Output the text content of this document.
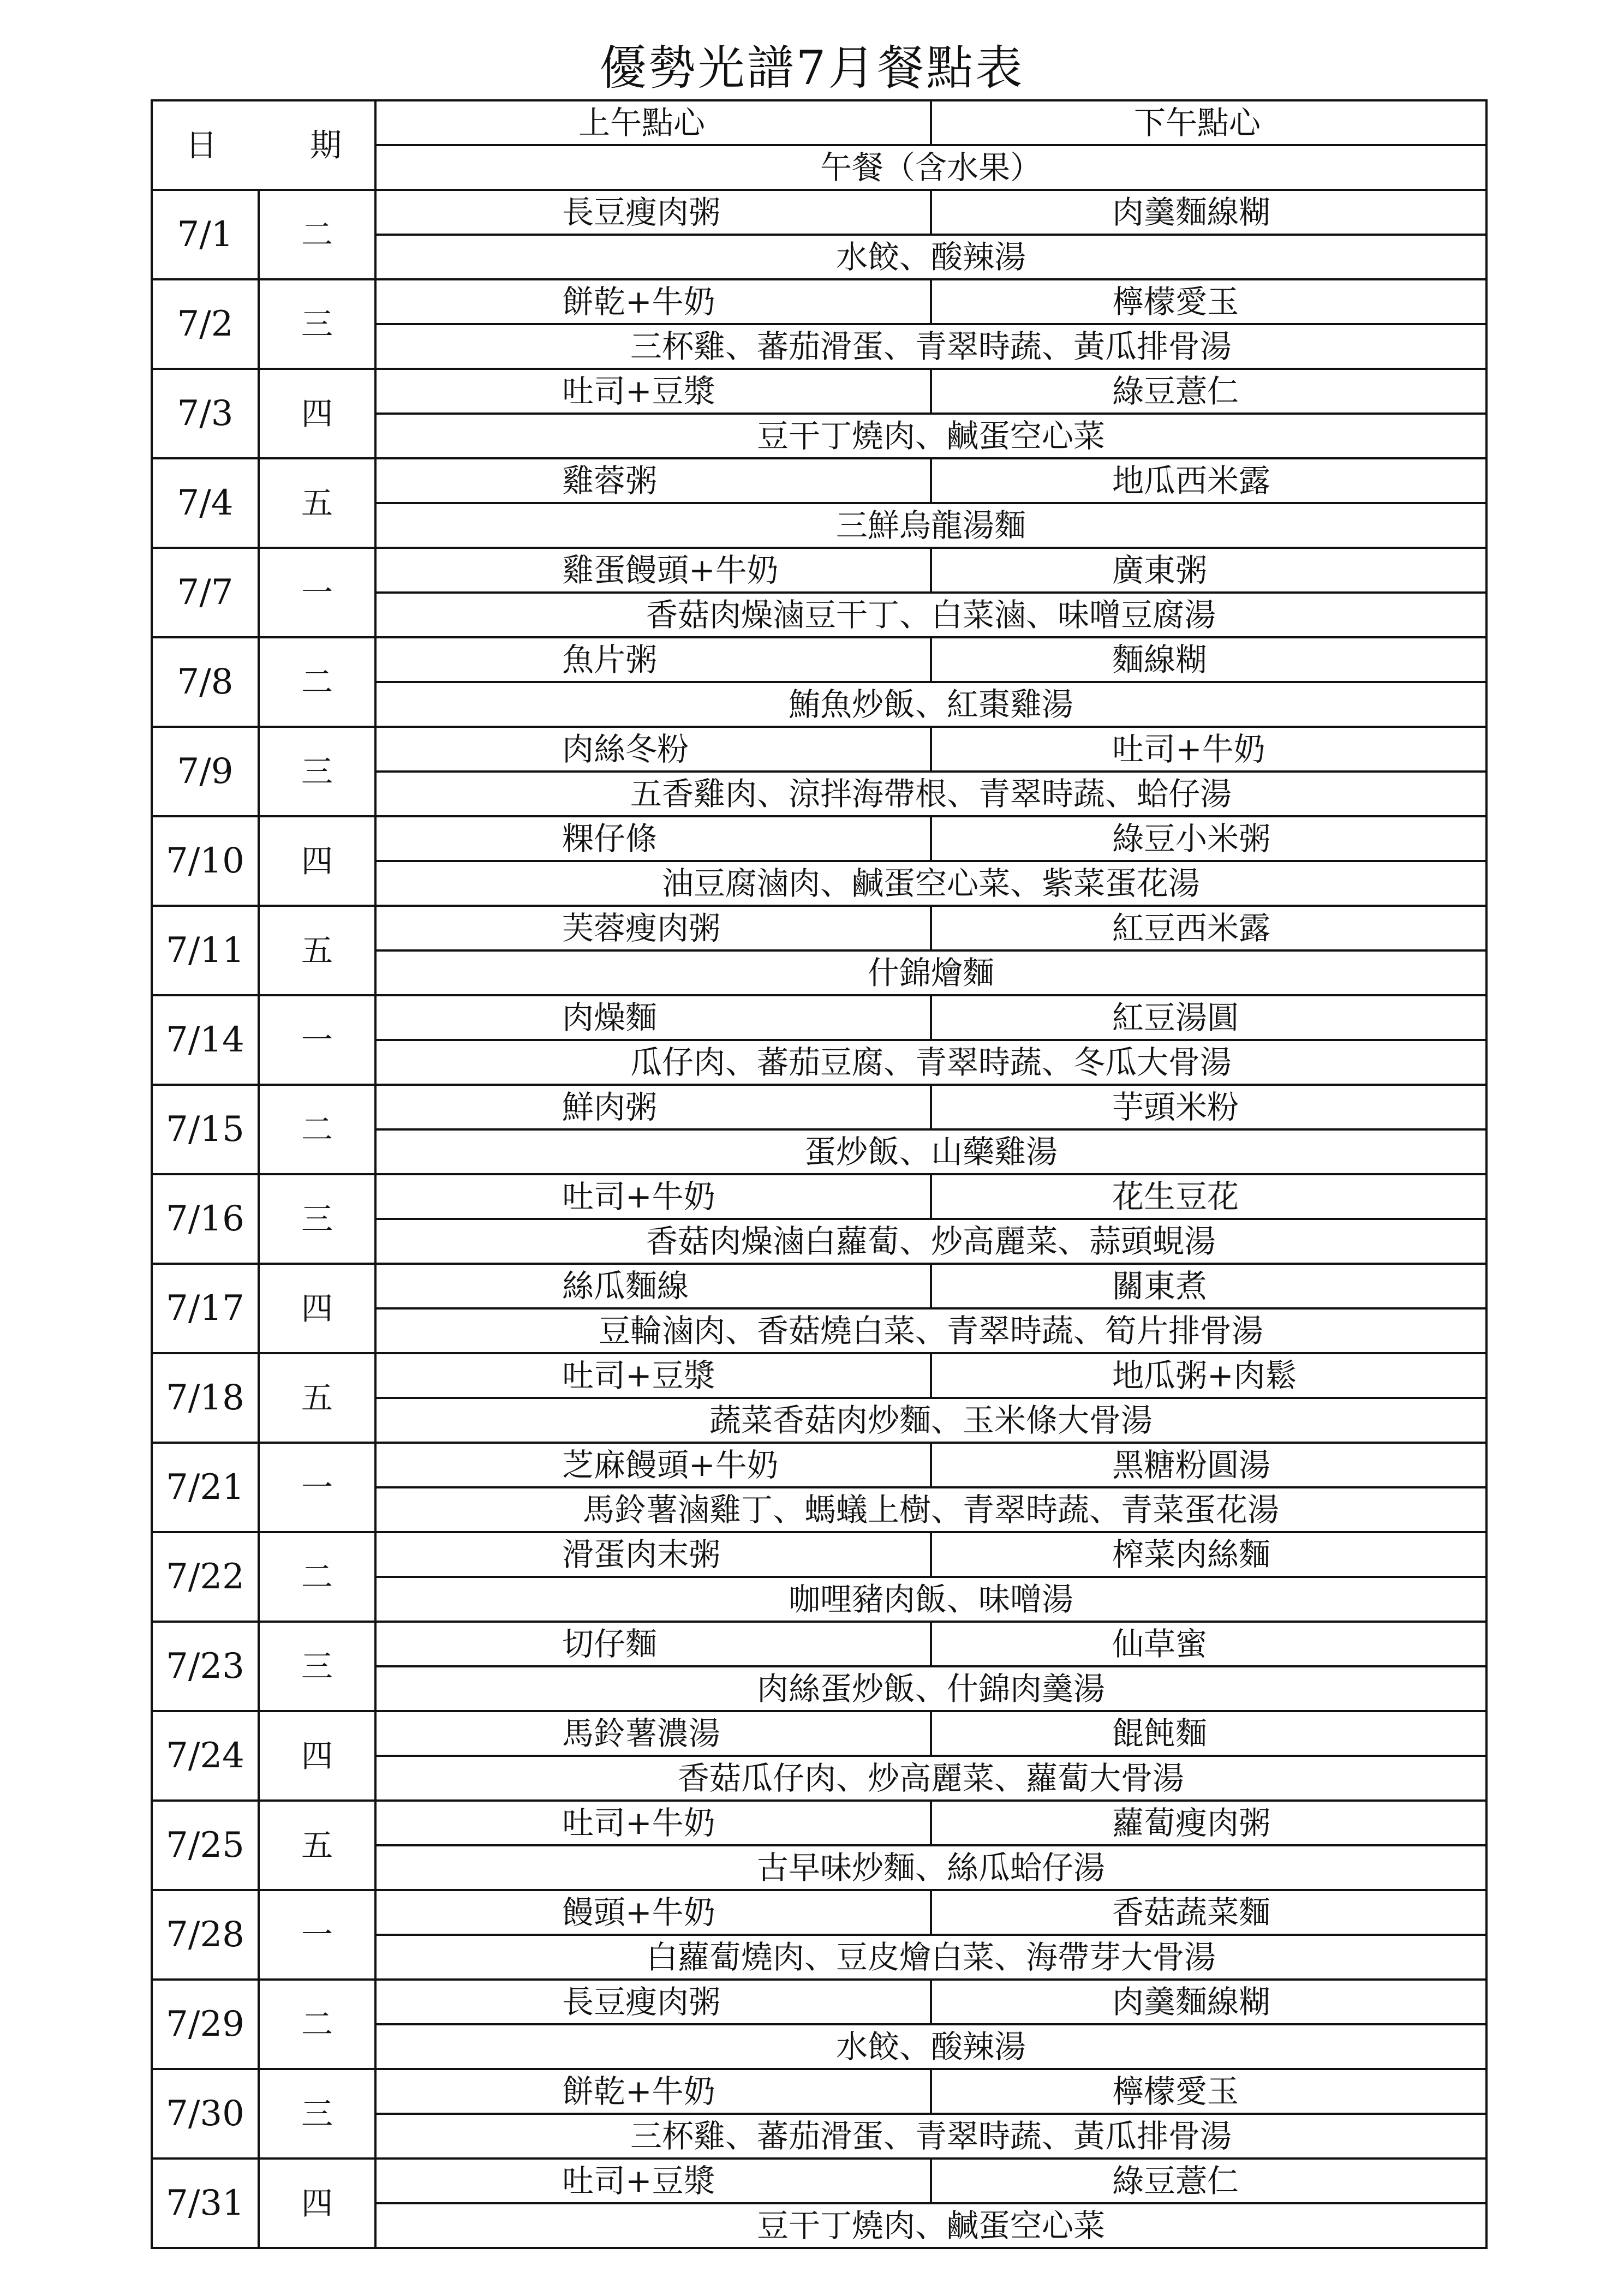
優勢光譜7月餐點表
日 期		上午點心	下午點心
		午餐（含水果）	
7/1	二	長豆瘦肉粥	肉羹麵線糊
		水餃、酸辣湯	
7/2	三	餅乾+牛奶	檸檬愛玉
		三杯雞、蕃茄滑蛋、青翠時蔬、黃瓜排骨湯	
7/3	四	吐司+豆漿	綠豆薏仁
		豆干丁燒肉、鹹蛋空心菜	
7/4	五	雞蓉粥	地瓜西米露
		三鮮烏龍湯麵	
7/7	一	雞蛋饅頭+牛奶	廣東粥
		香菇肉燥滷豆干丁、白菜滷、味噌豆腐湯	
7/8	二	魚片粥	麵線糊
		鮪魚炒飯、紅棗雞湯	
7/9	三	肉絲冬粉	吐司+牛奶
		五香雞肉、涼拌海帶根、青翠時蔬、蛤仔湯	
7/10	四	粿仔條	綠豆小米粥
		油豆腐滷肉、鹹蛋空心菜、紫菜蛋花湯	
7/11	五	芙蓉瘦肉粥	紅豆西米露
		什錦燴麵	
7/14	一	肉燥麵	紅豆湯圓
		瓜仔肉、蕃茄豆腐、青翠時蔬、冬瓜大骨湯	
7/15	二	鮮肉粥	芋頭米粉
		蛋炒飯、山藥雞湯	
7/16	三	吐司+牛奶	花生豆花
		香菇肉燥滷白蘿蔔、炒高麗菜、蒜頭蜆湯	
7/17	四	絲瓜麵線	關東煮
		豆輪滷肉、香菇燒白菜、青翠時蔬、筍片排骨湯	
7/18	五	吐司+豆漿	地瓜粥+肉鬆
		蔬菜香菇肉炒麵、玉米條大骨湯	
7/21	一	芝麻饅頭+牛奶	黑糖粉圓湯
		馬鈴薯滷雞丁、螞蟻上樹、青翠時蔬、青菜蛋花湯	
7/22	二	滑蛋肉末粥	榨菜肉絲麵
		咖哩豬肉飯、味噌湯	
7/23	三	切仔麵	仙草蜜
		肉絲蛋炒飯、什錦肉羹湯	
7/24	四	馬鈴薯濃湯	餛飩麵
		香菇瓜仔肉、炒高麗菜、蘿蔔大骨湯	
7/25	五	吐司+牛奶	蘿蔔瘦肉粥
		古早味炒麵、絲瓜蛤仔湯	
7/28	一	饅頭+牛奶	香菇蔬菜麵
		白蘿蔔燒肉、豆皮燴白菜、海帶芽大骨湯	
7/29	二	長豆瘦肉粥	肉羹麵線糊
		水餃、酸辣湯	
7/30	三	餅乾+牛奶	檸檬愛玉
		三杯雞、蕃茄滑蛋、青翠時蔬、黃瓜排骨湯	
7/31	四	吐司+豆漿	綠豆薏仁
		豆干丁燒肉、鹹蛋空心菜	
